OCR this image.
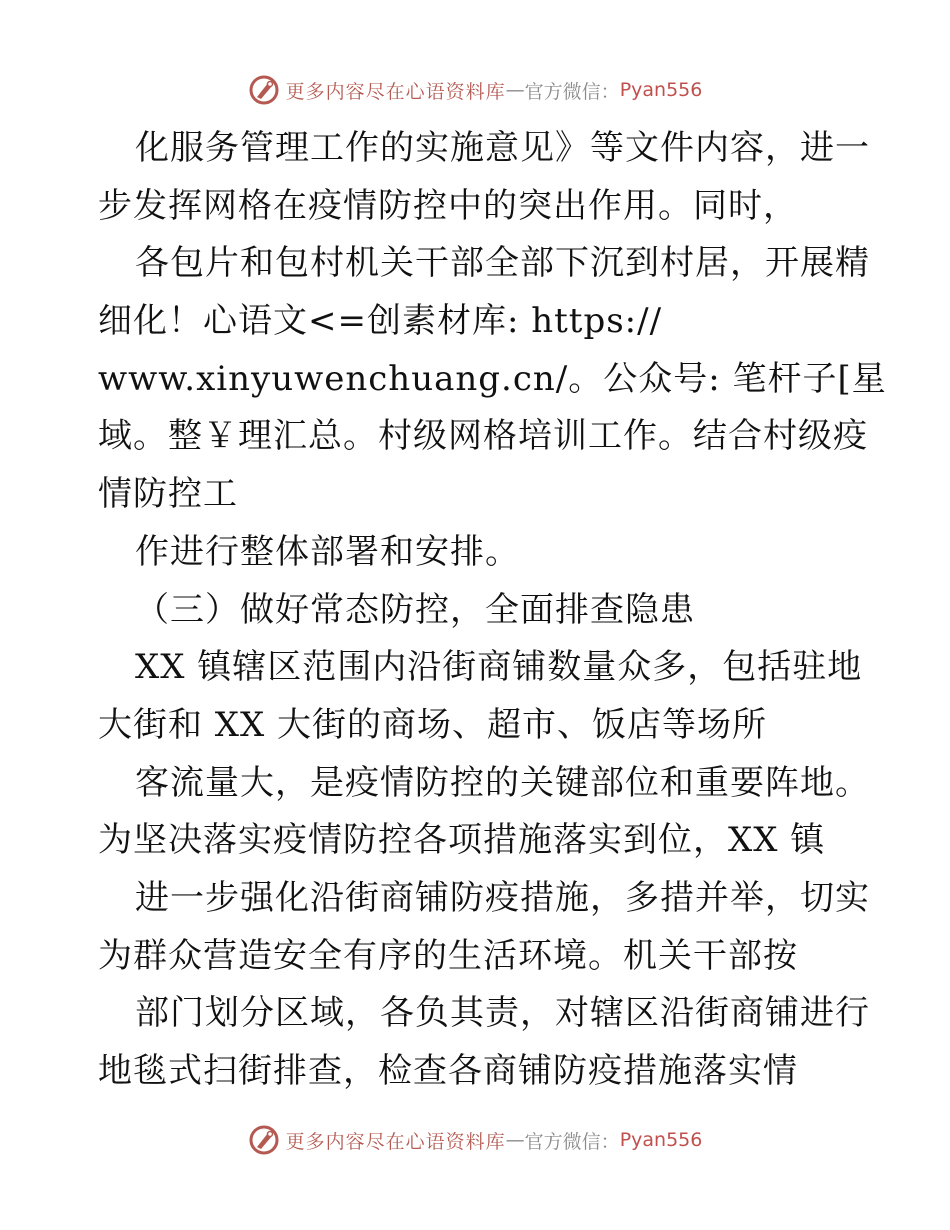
更多内容尽在心语资料库 — 官方微信： Pyan556
化服务管理工作的实施意见》等文件内容，进一
步发挥网格在疫情防控中的突出作用。同时，
各包片和包村机关干部全部下沉到村居，开展精
细化！心语文<=创素材库: https://
www.xinyuwenchuang.cn/。公众号: 笔杆子[星
域。整￥理汇总。村级网格培训工作。结合村级疫
情防控工
作进行整体部署和安排。
（三）做好常态防控，全面排查隐患
XX 镇辖区范围内沿街商铺数量众多，包括驻地
大街和 XX 大街的商场、超市、饭店等场所
客流量大，是疫情防控的关键部位和重要阵地。
为坚决落实疫情防控各项措施落实到位，XX 镇
进一步强化沿街商铺防疫措施，多措并举，切实
为群众营造安全有序的生活环境。机关干部按
部门划分区域，各负其责，对辖区沿街商铺进行
地毯式扫街排查，检查各商铺防疫措施落实情
更多内容尽在心语资料库 — 官方微信： Pyan556
